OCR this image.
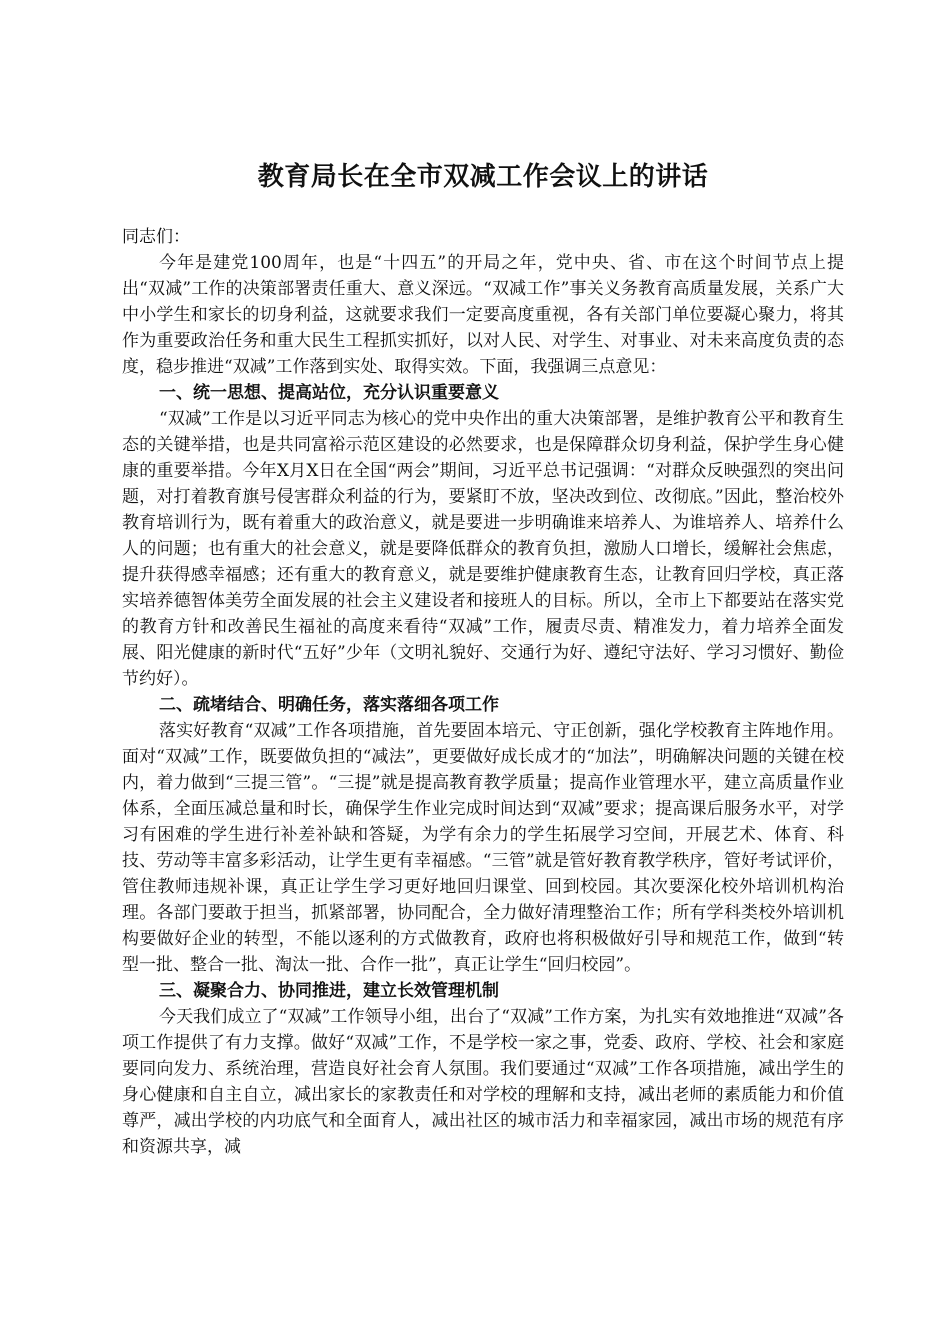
教育局长在全市双减工作会议上的讲话

同志们：

今年是建党100周年，也是“十四五”的开局之年，党中央、省、市在这个时间节点上提出“双减”工作的决策部署责任重大、意义深远。“双减工作”事关义务教育高质量发展，关系广大中小学生和家长的切身利益，这就要求我们一定要高度重视，各有关部门单位要凝心聚力，将其作为重要政治任务和重大民生工程抓实抓好，以对人民、对学生、对事业、对未来高度负责的态度，稳步推进“双减”工作落到实处、取得实效。下面，我强调三点意见：

一、统一思想、提高站位，充分认识重要意义

“双减”工作是以习近平同志为核心的党中央作出的重大决策部署，是维护教育公平和教育生态的关键举措，也是共同富裕示范区建设的必然要求，也是保障群众切身利益，保护学生身心健康的重要举措。今年X月X日在全国“两会”期间，习近平总书记强调：“对群众反映强烈的突出问题，对打着教育旗号侵害群众利益的行为，要紧盯不放，坚决改到位、改彻底。”因此，整治校外教育培训行为，既有着重大的政治意义，就是要进一步明确谁来培养人、为谁培养人、培养什么人的问题；也有重大的社会意义，就是要降低群众的教育负担，激励人口增长，缓解社会焦虑，提升获得感幸福感；还有重大的教育意义，就是要维护健康教育生态，让教育回归学校，真正落实培养德智体美劳全面发展的社会主义建设者和接班人的目标。所以，全市上下都要站在落实党的教育方针和改善民生福祉的高度来看待“双减”工作，履责尽责、精准发力，着力培养全面发展、阳光健康的新时代“五好”少年（文明礼貌好、交通行为好、遵纪守法好、学习习惯好、勤俭节约好）。

二、疏堵结合、明确任务，落实落细各项工作

落实好教育“双减”工作各项措施，首先要固本培元、守正创新，强化学校教育主阵地作用。面对“双减”工作，既要做负担的“减法”，更要做好成长成才的“加法”，明确解决问题的关键在校内，着力做到“三提三管”。“三提”就是提高教育教学质量；提高作业管理水平，建立高质量作业体系，全面压减总量和时长，确保学生作业完成时间达到“双减”要求；提高课后服务水平，对学习有困难的学生进行补差补缺和答疑，为学有余力的学生拓展学习空间，开展艺术、体育、科技、劳动等丰富多彩活动，让学生更有幸福感。“三管”就是管好教育教学秩序，管好考试评价，管住教师违规补课，真正让学生学习更好地回归课堂、回到校园。其次要深化校外培训机构治理。各部门要敢于担当，抓紧部署，协同配合，全力做好清理整治工作；所有学科类校外培训机构要做好企业的转型，不能以逐利的方式做教育，政府也将积极做好引导和规范工作，做到“转型一批、整合一批、淘汰一批、合作一批”，真正让学生“回归校园”。

三、凝聚合力、协同推进，建立长效管理机制

今天我们成立了“双减”工作领导小组，出台了“双减”工作方案，为扎实有效地推进“双减”各项工作提供了有力支撑。做好“双减”工作，不是学校一家之事，党委、政府、学校、社会和家庭要同向发力、系统治理，营造良好社会育人氛围。我们要通过“双减”工作各项措施，减出学生的身心健康和自主自立，减出家长的家教责任和对学校的理解和支持，减出老师的素质能力和价值尊严，减出学校的内功底气和全面育人，减出社区的城市活力和幸福家园，减出市场的规范有序和资源共享，减
